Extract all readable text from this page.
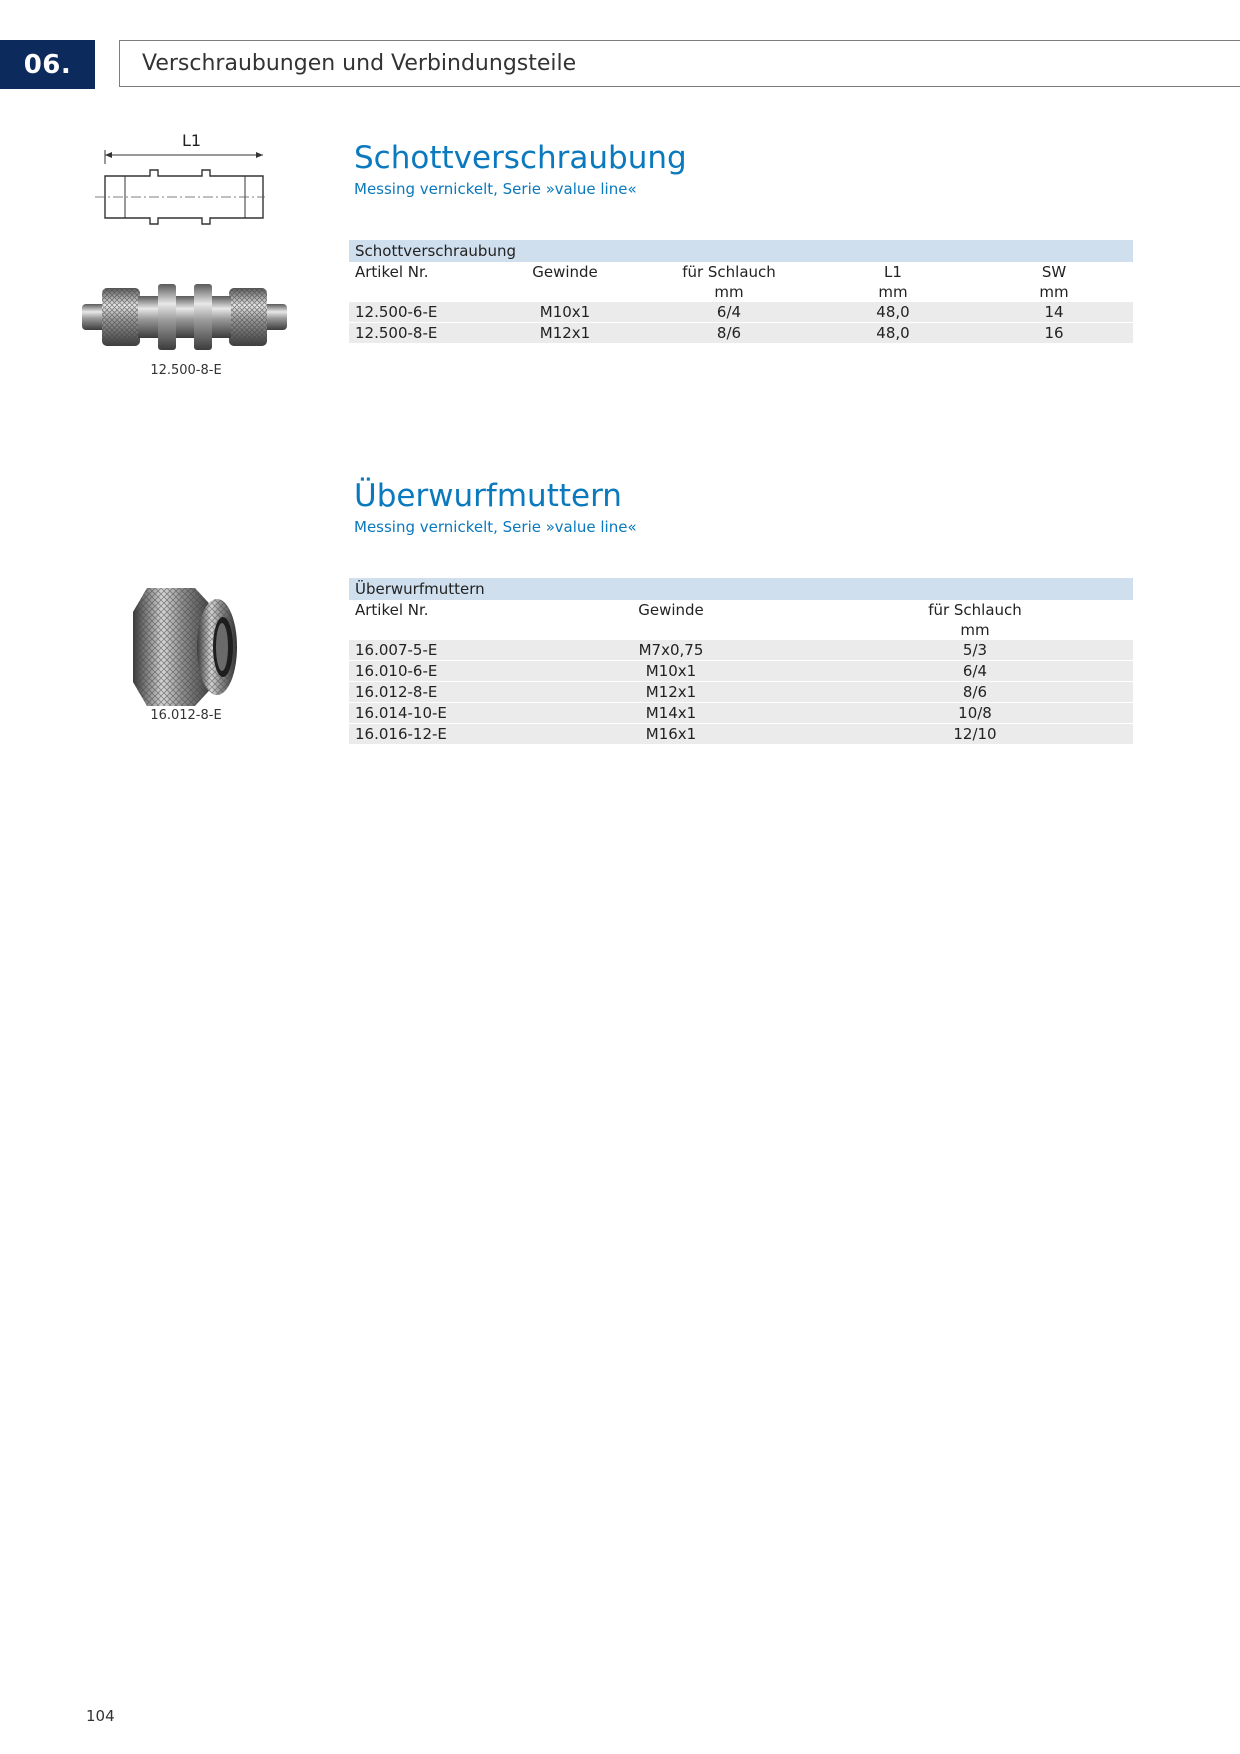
06.	Verschraubungen und Verbindungsteile
L1
12.500-8-E
Schottverschraubung
Messing vernickelt, Serie »value line«
Schottverschraubung				
Artikel Nr.	Gewinde	für Schlauch	L1	SW
		mm	mm	mm
12.500-6-E	M10x1	6/4	48,0	14

12.500-8-E	M12x1	8/6	48,0	16
16.012-8-E
Überwurfmuttern
Messing vernickelt, Serie »value line«
Überwurfmuttern		
Artikel Nr.	Gewinde	für Schlauch
		mm
16.007-5-E	M7x0,75	5/3

16.010-6-E	M10x1	6/4

16.012-8-E	M12x1	8/6

16.014-10-E	M14x1	10/8

16.016-12-E	M16x1	12/10
104
